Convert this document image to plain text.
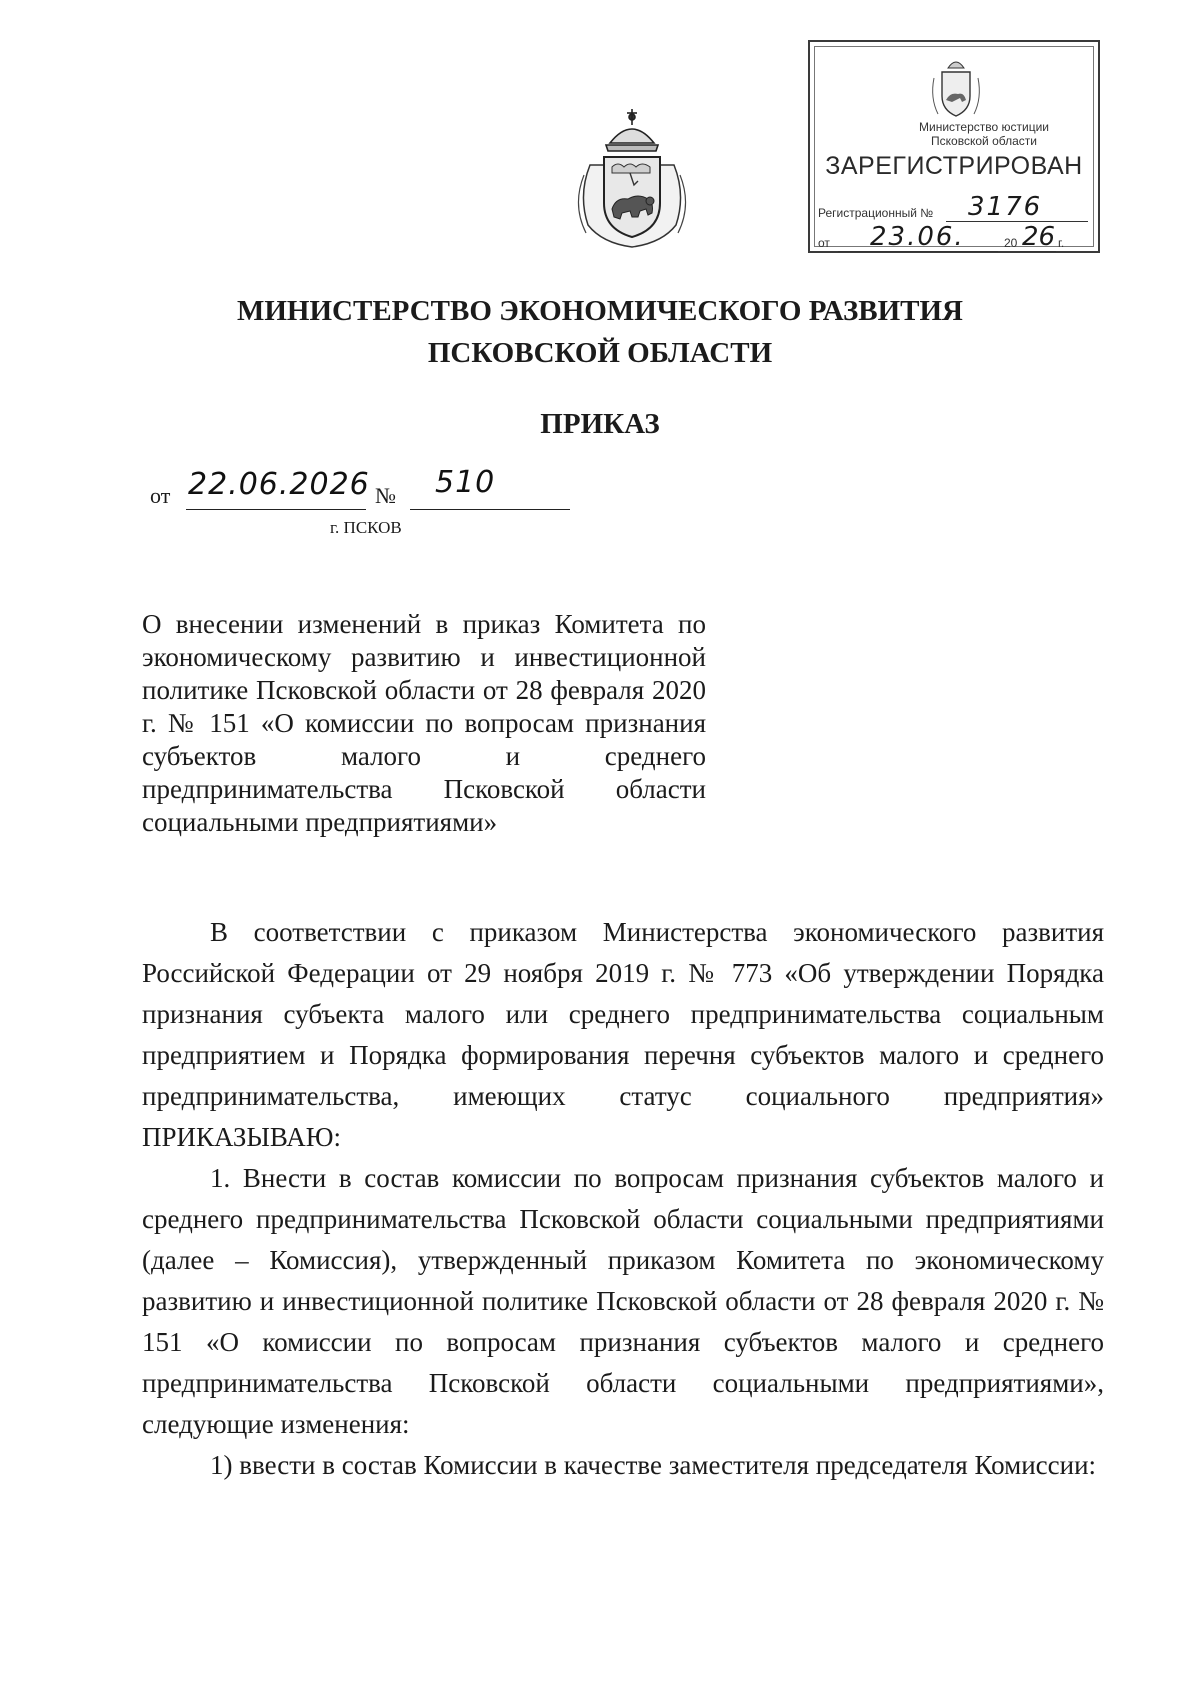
Министерство юстиции
Псковской области
ЗАРЕГИСТРИРОВАН
Регистрационный № 3176
от 23.06.	20 26 г.
МИНИСТЕРСТВО ЭКОНОМИЧЕСКОГО РАЗВИТИЯ
ПСКОВСКОЙ ОБЛАСТИ
ПРИКАЗ
от 22.06.2026 № 510
г. ПСКОВ

О внесении изменений в приказ Комитета по экономическому развитию и инвестиционной политике Псковской области от 28 февраля 2020 г. № 151 «О комиссии по вопросам признания субъектов малого и среднего предпринимательства Псковской области социальными предприятиями»

В соответствии с приказом Министерства экономического развития Российской Федерации от 29 ноября 2019 г. № 773 «Об утверждении Порядка признания субъекта малого или среднего предпринимательства социальным предприятием и Порядка формирования перечня субъектов малого и среднего предпринимательства, имеющих статус социального предприятия» ПРИКАЗЫВАЮ:

1. Внести в состав комиссии по вопросам признания субъектов малого и среднего предпринимательства Псковской области социальными предприятиями (далее – Комиссия), утвержденный приказом Комитета по экономическому развитию и инвестиционной политике Псковской области от 28 февраля 2020 г. № 151 «О комиссии по вопросам признания субъектов малого и среднего предпринимательства Псковской области социальными предприятиями», следующие изменения:

1) ввести в состав Комиссии в качестве заместителя председателя Комиссии:
